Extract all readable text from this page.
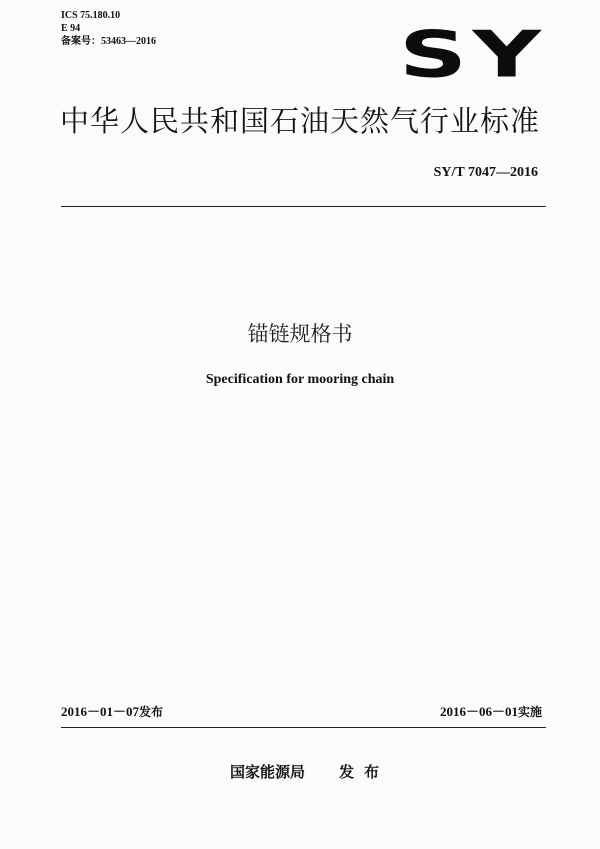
ICS 75.180.10
E 94
备案号：53463—2016	SY
中华人民共和国石油天然气行业标准
SY/T 7047—2016
锚链规格书
Specification for mooring chain
2016－01－07发布	2016－06－01实施
国家能源局 发布
